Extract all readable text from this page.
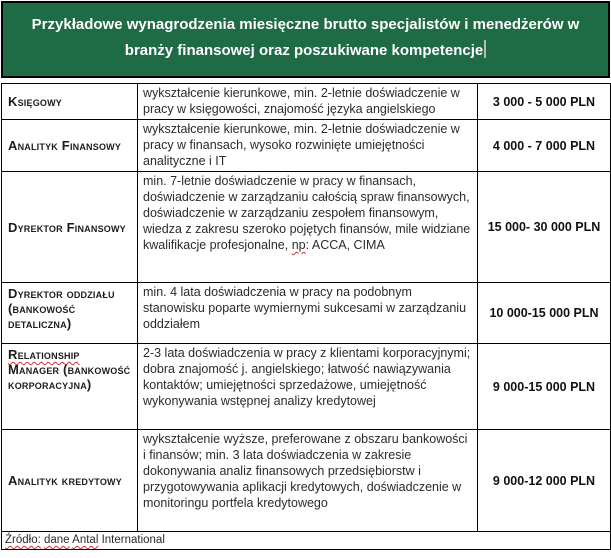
Przykładowe wynagrodzenia miesięczne brutto specjalistów i menedżerów w branży finansowej oraz poszukiwane kompetencje
Księgowy	wykształcenie kierunkowe, min. 2-letnie doświadczenie w pracy w księgowości, znajomość języka angielskiego	3 000 - 5 000 PLN
Analityk Finansowy	wykształcenie kierunkowe, min. 2-letnie doświadczenie w pracy w finansach, wysoko rozwinięte umiejętności analityczne i IT	4 000 - 7 000 PLN
Dyrektor Finansowy	min. 7-letnie doświadczenie w pracy w finansach, doświadczenie w zarządzaniu całością spraw finansowych, doświadczenie w zarządzaniu zespołem finansowym, wiedza z zakresu szeroko pojętych finansów, mile widziane kwalifikacje profesjonalne, np: ACCA, CIMA	15 000- 30 000 PLN
Dyrektor oddziału (bankowość detaliczna)	min. 4 lata doświadczenia w pracy na podobnym stanowisku poparte wymiernymi sukcesami w zarządzaniu oddziałem	10 000-15 000 PLN
Relationship Manager (bankowość korporacyjna)	2-3 lata doświadczenia w pracy z klientami korporacyjnymi; dobra znajomość j. angielskiego; łatwość nawiązywania kontaktów; umiejętności sprzedażowe, umiejętność wykonywania wstępnej analizy kredytowej	9 000-15 000 PLN
Analityk kredytowy	wykształcenie wyższe, preferowane z obszaru bankowości i finansów; min. 3 lata doświadczenia w zakresie dokonywania analiz finansowych przedsiębiorstw i przygotowywania aplikacji kredytowych, doświadczenie w monitoringu portfela kredytowego	9 000-12 000 PLN
Źródło: dane Antal International		
